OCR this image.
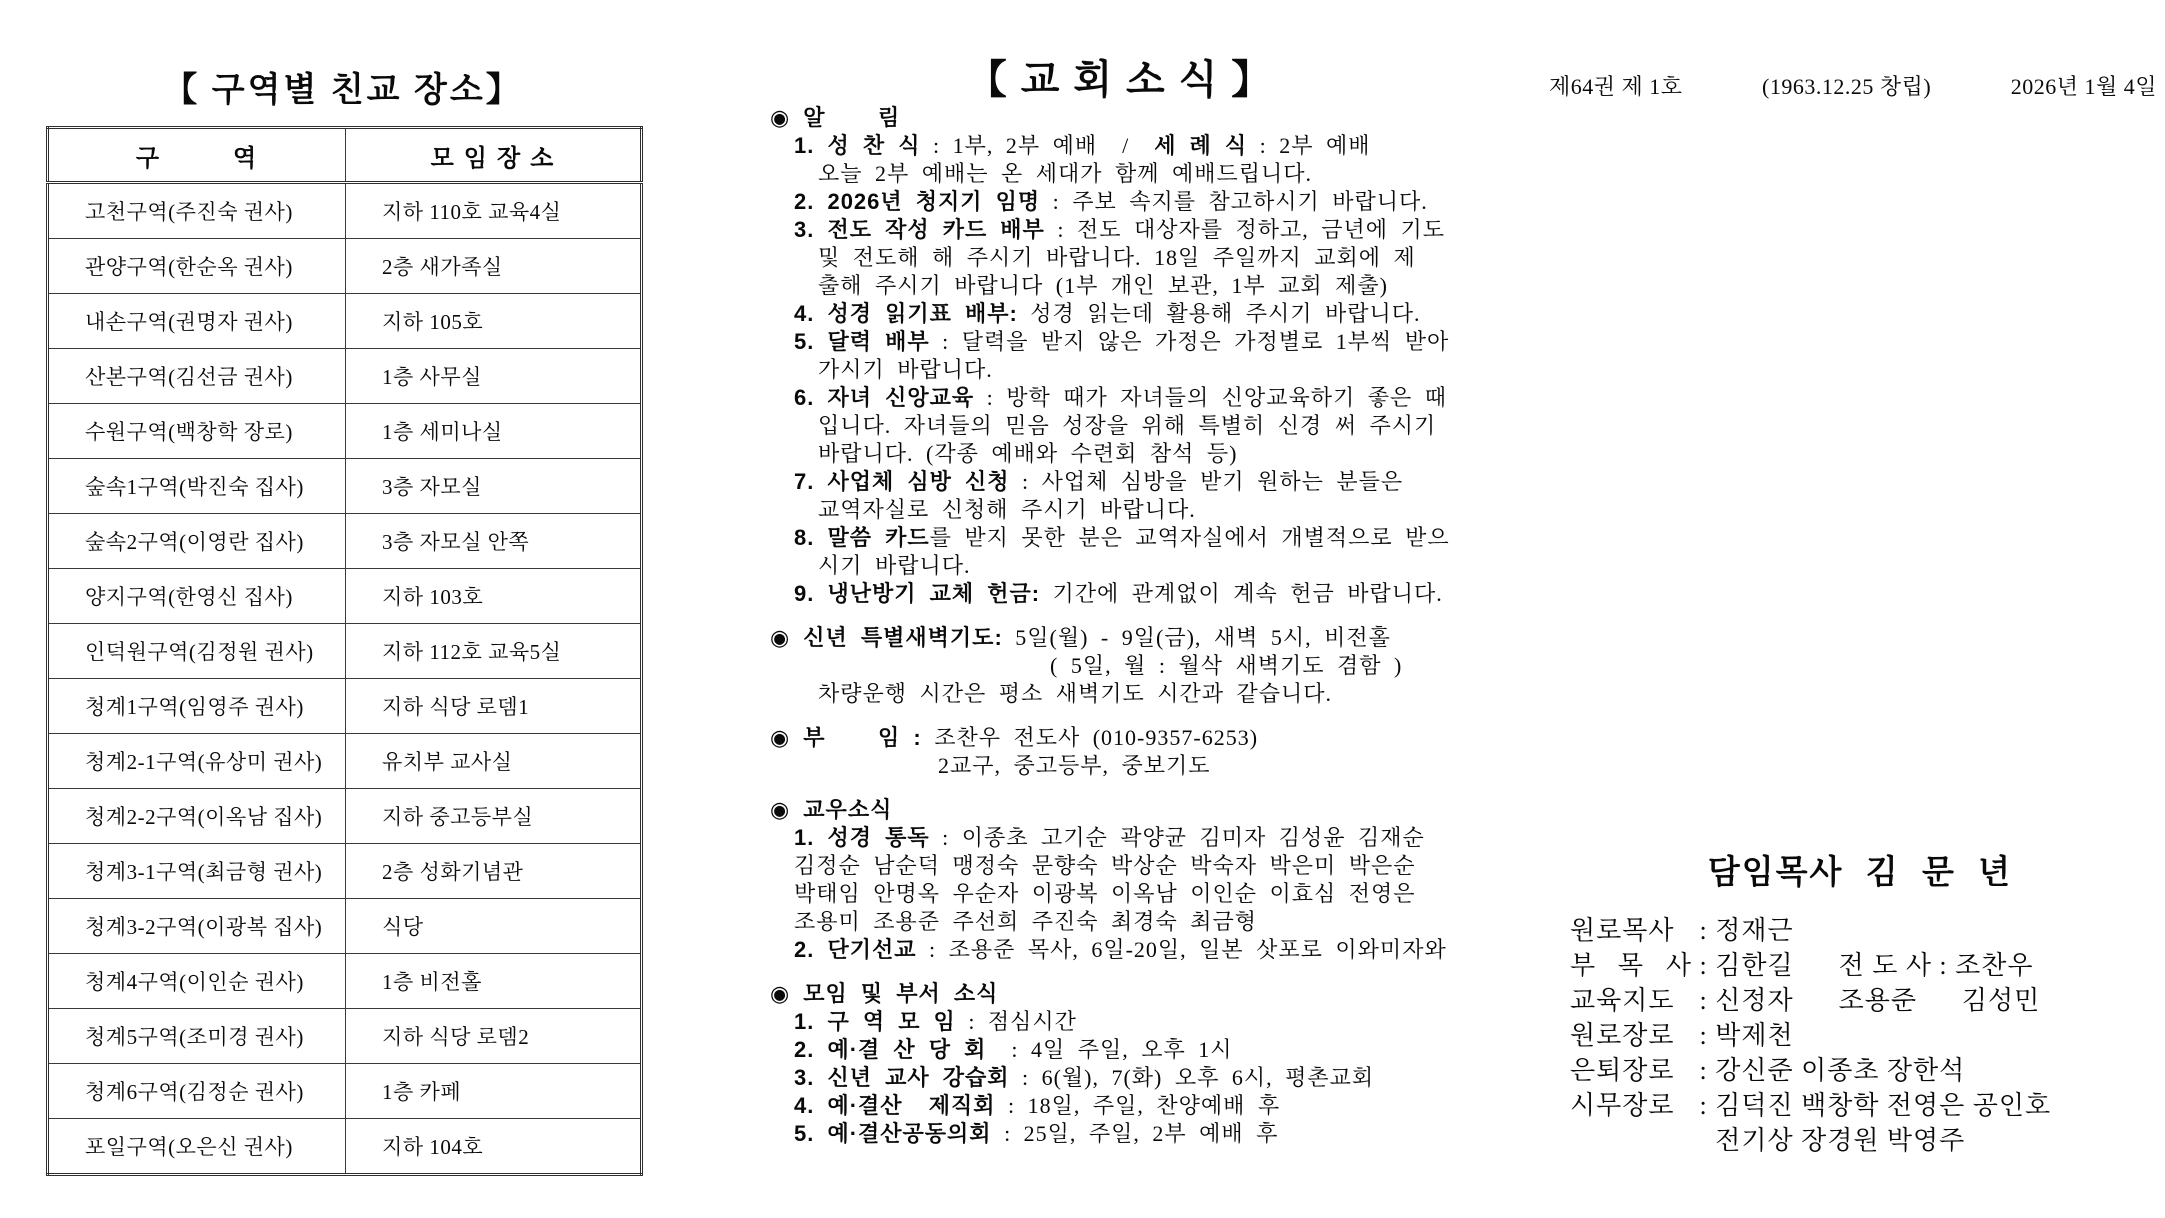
【 구역별 친교 장소】
구         역	모 임 장 소
고천구역(주진숙 권사)	지하 110호 교육4실
관양구역(한순옥 권사)	2층 새가족실
내손구역(권명자 권사)	지하 105호
산본구역(김선금 권사)	1층 사무실
수원구역(백창학 장로)	1층 세미나실
숲속1구역(박진숙 집사)	3층 자모실
숲속2구역(이영란 집사)	3층 자모실 안쪽
양지구역(한영신 집사)	지하 103호
인덕원구역(김정원 권사)	지하 112호 교육5실
청계1구역(임영주 권사)	지하 식당 로뎀1
청계2-1구역(유상미 권사)	유치부 교사실
청계2-2구역(이옥남 집사)	지하 중고등부실
청계3-1구역(최금형 권사)	2층 성화기념관
청계3-2구역(이광복 집사)	식당
청계4구역(이인순 권사)	1층 비전홀
청계5구역(조미경 권사)	지하 식당 로뎀2
청계6구역(김정순 권사)	1층 카페
포일구역(오은신 권사)	지하 104호
【 교 회 소 식 】
◉ 알    림
1. 성 찬 식 : 1부, 2부 예배  /  세 례 식 : 2부 예배
오늘 2부 예배는 온 세대가 함께 예배드립니다.
2. 2026년 청지기 임명 : 주보 속지를 참고하시기 바랍니다.
3. 전도 작성 카드 배부 : 전도 대상자를 정하고, 금년에 기도
및 전도해 해 주시기 바랍니다. 18일 주일까지 교회에 제
출해 주시기 바랍니다 (1부 개인 보관, 1부 교회 제출)
4. 성경 읽기표 배부: 성경 읽는데 활용해 주시기 바랍니다.
5. 달력 배부 : 달력을 받지 않은 가정은 가정별로 1부씩 받아
가시기 바랍니다.
6. 자녀 신앙교육 : 방학 때가 자녀들의 신앙교육하기 좋은 때
입니다. 자녀들의 믿음 성장을 위해 특별히 신경 써 주시기
바랍니다. (각종 예배와 수련회 참석 등)
7. 사업체 심방 신청 : 사업체 심방을 받기 원하는 분들은
교역자실로 신청해 주시기 바랍니다.
8. 말씀 카드를 받지 못한 분은 교역자실에서 개별적으로 받으
시기 바랍니다.
9. 냉난방기 교체 헌금: 기간에 관계없이 계속 헌금 바랍니다.
◉ 신년 특별새벽기도: 5일(월) - 9일(금), 새벽 5시, 비전홀
( 5일, 월 : 월삭 새벽기도 겸함 )
차량운행 시간은 평소 새벽기도 시간과 같습니다.
◉ 부    임 : 조찬우 전도사 (010-9357-6253)
2교구, 중고등부, 중보기도
◉ 교우소식
1. 성경 통독 : 이종초 고기순 곽양균 김미자 김성윤 김재순
김정순 남순덕 맹정숙 문향숙 박상순 박숙자 박은미 박은순
박태임 안명옥 우순자 이광복 이옥남 이인순 이효심 전영은
조용미 조용준 주선희 주진숙 최경숙 최금형
2. 단기선교 : 조용준 목사, 6일-20일, 일본 삿포로 이와미자와
◉ 모임 및 부서 소식
1. 구 역 모 임 : 점심시간
2. 예·결 산 당 회  : 4일 주일, 오후 1시
3. 신년 교사 강습회 : 6(월), 7(화) 오후 6시, 평촌교회
4. 예·결산  제직회 : 18일, 주일, 찬양예배 후
5. 예·결산공동의회 : 25일, 주일, 2부 예배 후
제64권 제 1호	(1963.12.25 창립)	2026년 1월 4일
담임목사  김  문  년
원로목사 : 정재근
부 목 사 : 김한길      전 도 사 : 조찬우
교육지도 : 신정자      조용준      김성민
원로장로 : 박제천
은퇴장로 : 강신준 이종초 장한석
시무장로 : 김덕진 백창학 전영은 공인호
전기상 장경원 박영주
